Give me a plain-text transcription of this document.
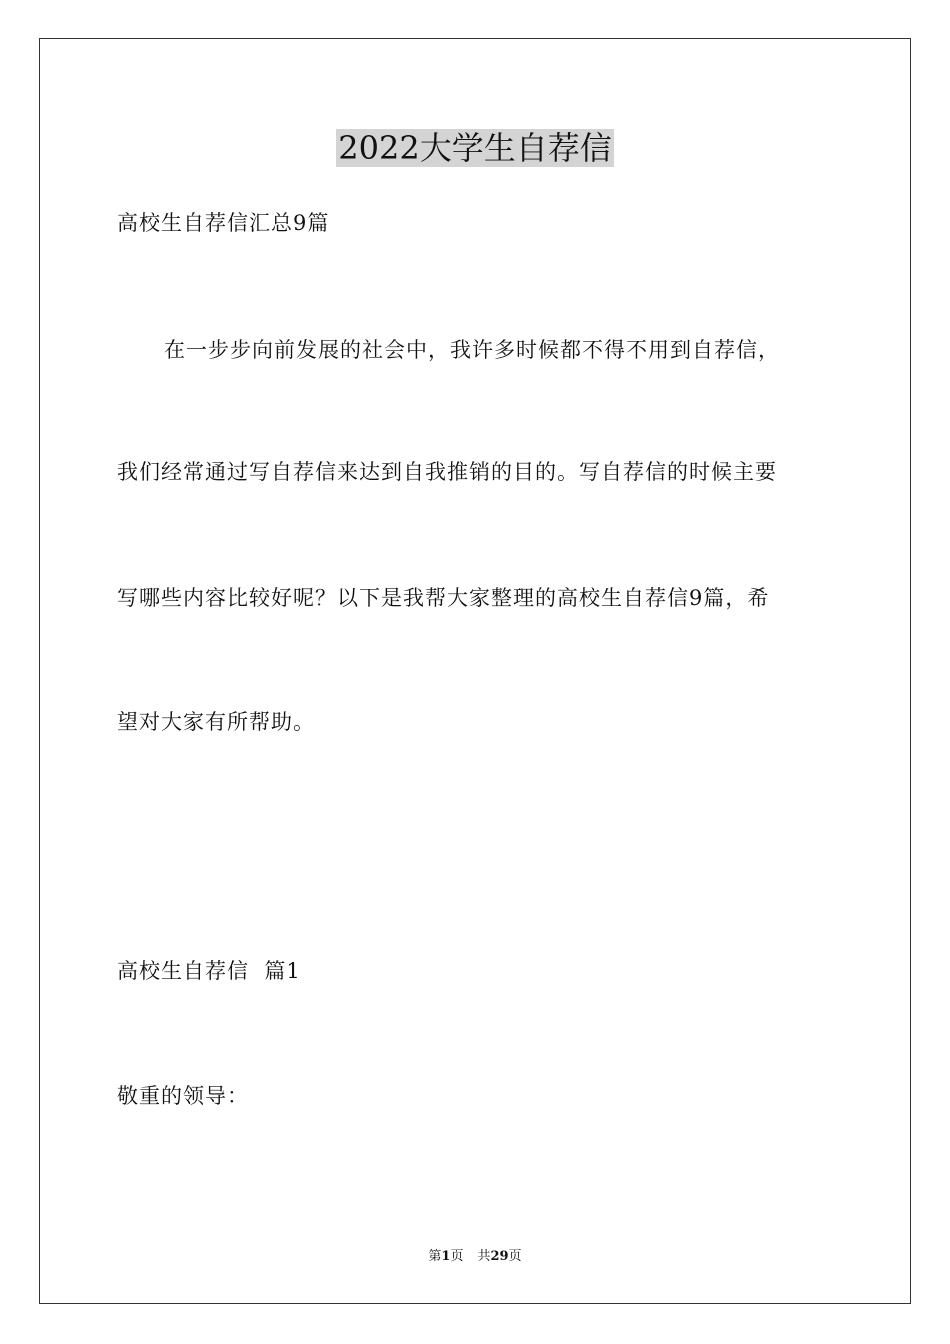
2022大学生自荐信

高校生自荐信汇总9篇

在一步步向前发展的社会中，我许多时候都不得不用到自荐信，

我们经常通过写自荐信来达到自我推销的目的。写自荐信的时候主要

写哪些内容比较好呢？以下是我帮大家整理的高校生自荐信9篇，希

望对大家有所帮助。

高校生自荐信  篇1

敬重的领导：

第1页 共29页
